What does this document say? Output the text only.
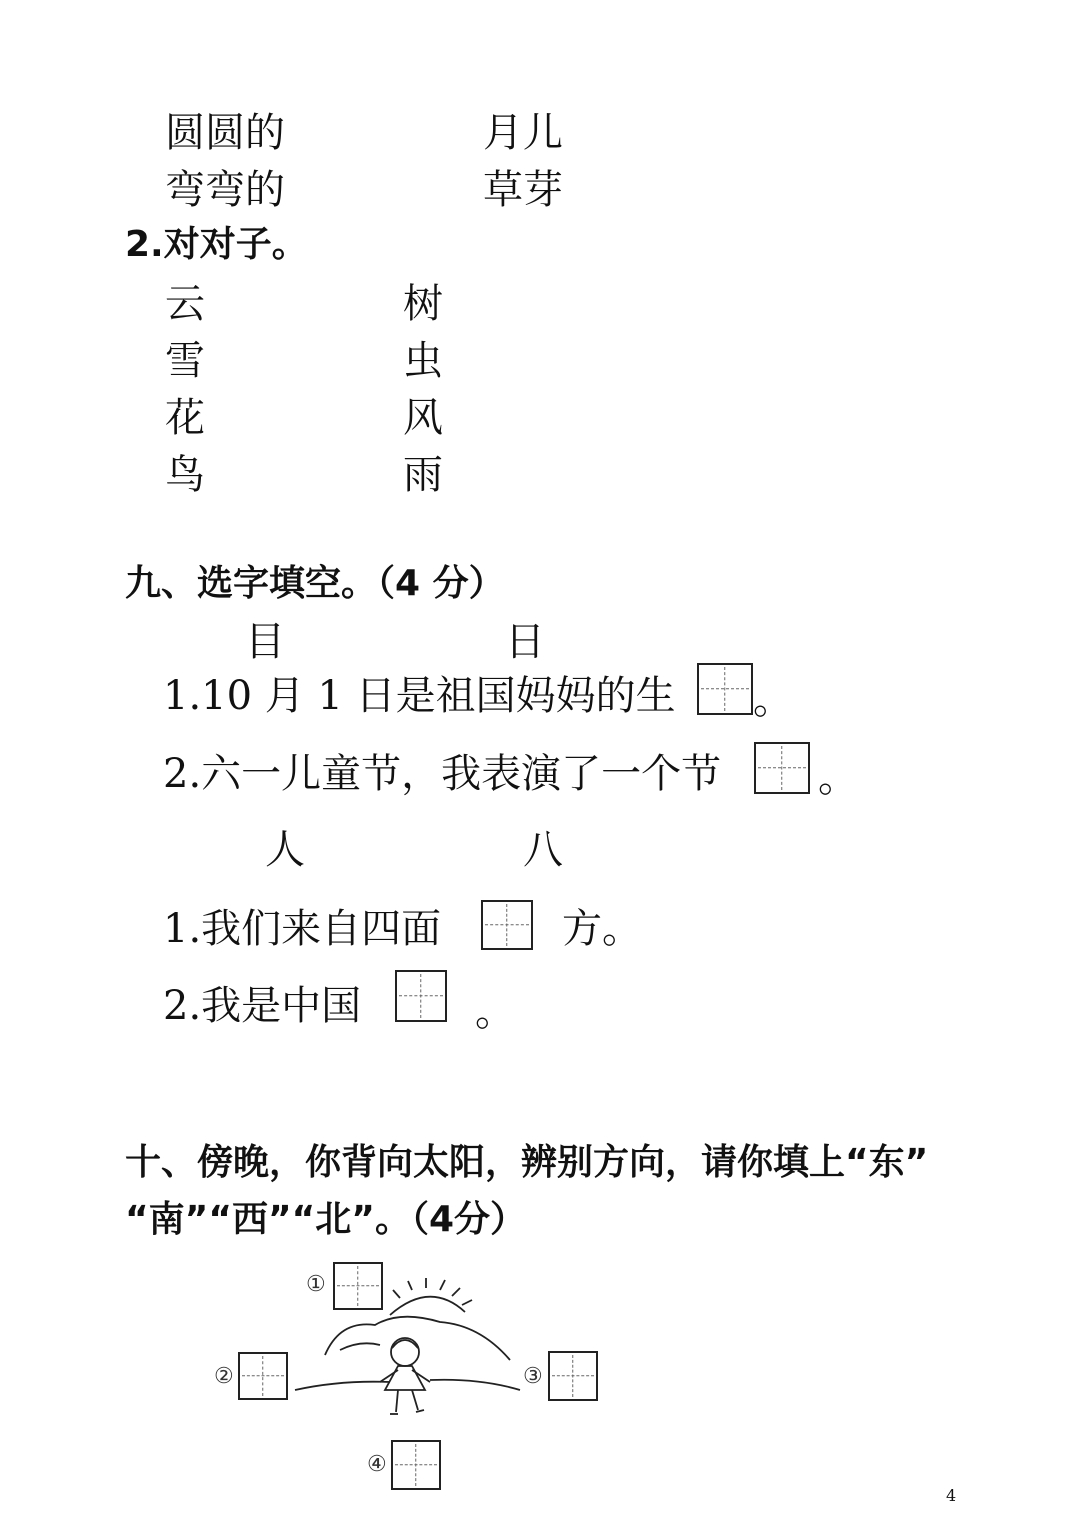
圆圆的	月儿
弯弯的	草芽
2.对对子。
云	树
雪	虫
花	风
鸟	雨
九、选字填空。（4 分）
目	日
1.10 月 1 日是祖国妈妈的生 。
2.六一儿童节，我表演了一个节 。
人	八
1.我们来自四面	方。
2.我是中国	。
十、傍晚，你背向太阳，辨别方向，请你填上“东”
“南”“西”“北”。（4分）
①
②	③
④
4
